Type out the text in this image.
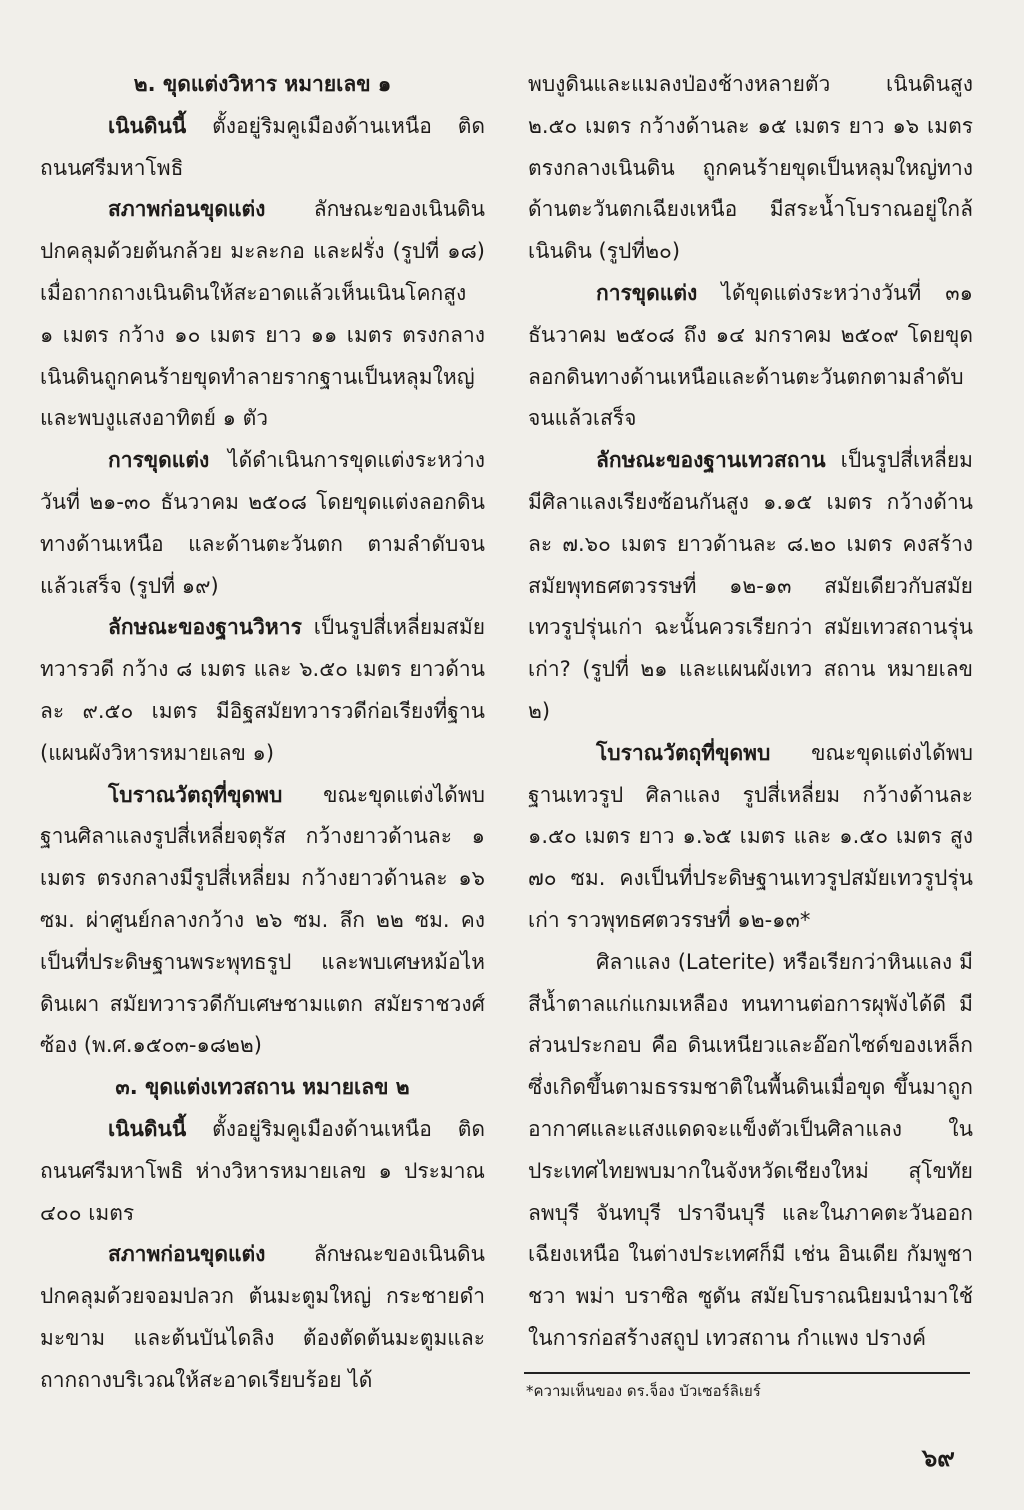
๒. ขุดแต่งวิหาร หมายเลข ๑

เนินดินนี้ ตั้งอยู่ริมคูเมืองด้านเหนือ ติดถนนศรีมหาโพธิ

สภาพก่อนขุดแต่ง ลักษณะของเนินดินปกคลุมด้วยต้นกล้วย มะละกอ และฝรั่ง (รูปที่ ๑๘) เมื่อถากถางเนินดินให้สะอาดแล้วเห็นเนินโคกสูง ๑ เมตร กว้าง ๑๐ เมตร ยาว ๑๑ เมตร ตรงกลางเนินดินถูกคนร้ายขุดทำลายรากฐานเป็นหลุมใหญ่ และพบงูแสงอาทิตย์ ๑ ตัว

การขุดแต่ง ได้ดำเนินการขุดแต่งระหว่างวันที่ ๒๑-๓๐ ธันวาคม ๒๕๐๘ โดยขุดแต่งลอกดินทางด้านเหนือ และด้านตะวันตก ตามลำดับจนแล้วเสร็จ (รูปที่ ๑๙)

ลักษณะของฐานวิหาร เป็นรูปสี่เหลี่ยมสมัยทวารวดี กว้าง ๘ เมตร และ ๖.๕๐ เมตร ยาวด้านละ ๙.๕๐ เมตร มีอิฐสมัยทวารวดีก่อเรียงที่ฐาน (แผนผังวิหารหมายเลข ๑)

โบราณวัตถุที่ขุดพบ ขณะขุดแต่งได้พบฐานศิลาแลงรูปสี่เหลี่ยจตุรัส กว้างยาวด้านละ ๑ เมตร ตรงกลางมีรูปสี่เหลี่ยม กว้างยาวด้านละ ๑๖ ซม. ผ่าศูนย์กลางกว้าง ๒๖ ซม. ลึก ๒๒ ซม. คงเป็นที่ประดิษฐานพระพุทธรูป และพบเศษหม้อไห ดินเผา สมัยทวารวดีกับเศษชามแตก สมัยราชวงศ์ซ้อง (พ.ศ.๑๕๐๓-๑๘๒๒)

๓. ขุดแต่งเทวสถาน หมายเลข ๒

เนินดินนี้ ตั้งอยู่ริมคูเมืองด้านเหนือ ติดถนนศรีมหาโพธิ ห่างวิหารหมายเลข ๑ ประมาณ ๔๐๐ เมตร

สภาพก่อนขุดแต่ง ลักษณะของเนินดินปกคลุมด้วยจอมปลวก ต้นมะตูมใหญ่ กระชายดำ มะขาม และต้นบันไดลิง ต้องตัดต้นมะตูมและถากถางบริเวณให้สะอาดเรียบร้อย ได้

พบงูดินและแมลงป่องช้างหลายตัว เนินดินสูง ๒.๕๐ เมตร กว้างด้านละ ๑๕ เมตร ยาว ๑๖ เมตร ตรงกลางเนินดิน ถูกคนร้ายขุดเป็นหลุมใหญ่ทางด้านตะวันตกเฉียงเหนือ มีสระน้ำโบราณอยู่ใกล้เนินดิน (รูปที่๒๐)

การขุดแต่ง ได้ขุดแต่งระหว่างวันที่ ๓๑ ธันวาคม ๒๕๐๘ ถึง ๑๔ มกราคม ๒๕๐๙ โดยขุดลอกดินทางด้านเหนือและด้านตะวันตกตามลำดับจนแล้วเสร็จ

ลักษณะของฐานเทวสถาน เป็นรูปสี่เหลี่ยม มีศิลาแลงเรียงซ้อนกันสูง ๑.๑๕ เมตร กว้างด้านละ ๗.๖๐ เมตร ยาวด้านละ ๘.๒๐ เมตร คงสร้างสมัยพุทธศตวรรษที่ ๑๒-๑๓ สมัยเดียวกับสมัยเทวรูปรุ่นเก่า ฉะนั้นควรเรียกว่า สมัยเทวสถานรุ่นเก่า? (รูปที่ ๒๑ และแผนผังเทว สถาน หมายเลข ๒)

โบราณวัตถุที่ขุดพบ ขณะขุดแต่งได้พบฐานเทวรูป ศิลาแลง รูปสี่เหลี่ยม กว้างด้านละ ๑.๕๐ เมตร ยาว ๑.๖๕ เมตร และ ๑.๕๐ เมตร สูง ๗๐ ซม. คงเป็นที่ประดิษฐานเทวรูปสมัยเทวรูปรุ่นเก่า ราวพุทธศตวรรษที่ ๑๒-๑๓*

ศิลาแลง (Laterite) หรือเรียกว่าหินแลง มีสีน้ำตาลแก่แกมเหลือง ทนทานต่อการผุพังได้ดี มีส่วนประกอบ คือ ดินเหนียวและอ๊อกไซด์ของเหล็กซึ่งเกิดขึ้นตามธรรมชาติในพื้นดินเมื่อขุด ขึ้นมาถูกอากาศและแสงแดดจะแข็งตัวเป็นศิลาแลง ในประเทศไทยพบมากในจังหวัดเชียงใหม่ สุโขทัย ลพบุรี จันทบุรี ปราจีนบุรี และในภาคตะวันออกเฉียงเหนือ ในต่างประเทศก็มี เช่น อินเดีย กัมพูชา ชวา พม่า บราซิล ซูดัน สมัยโบราณนิยมนำมาใช้ในการก่อสร้างสถูป เทวสถาน กำแพง ปรางค์

*ความเห็นของ ดร.จ็อง บัวเซอร์ลิเยร์
๖๙
